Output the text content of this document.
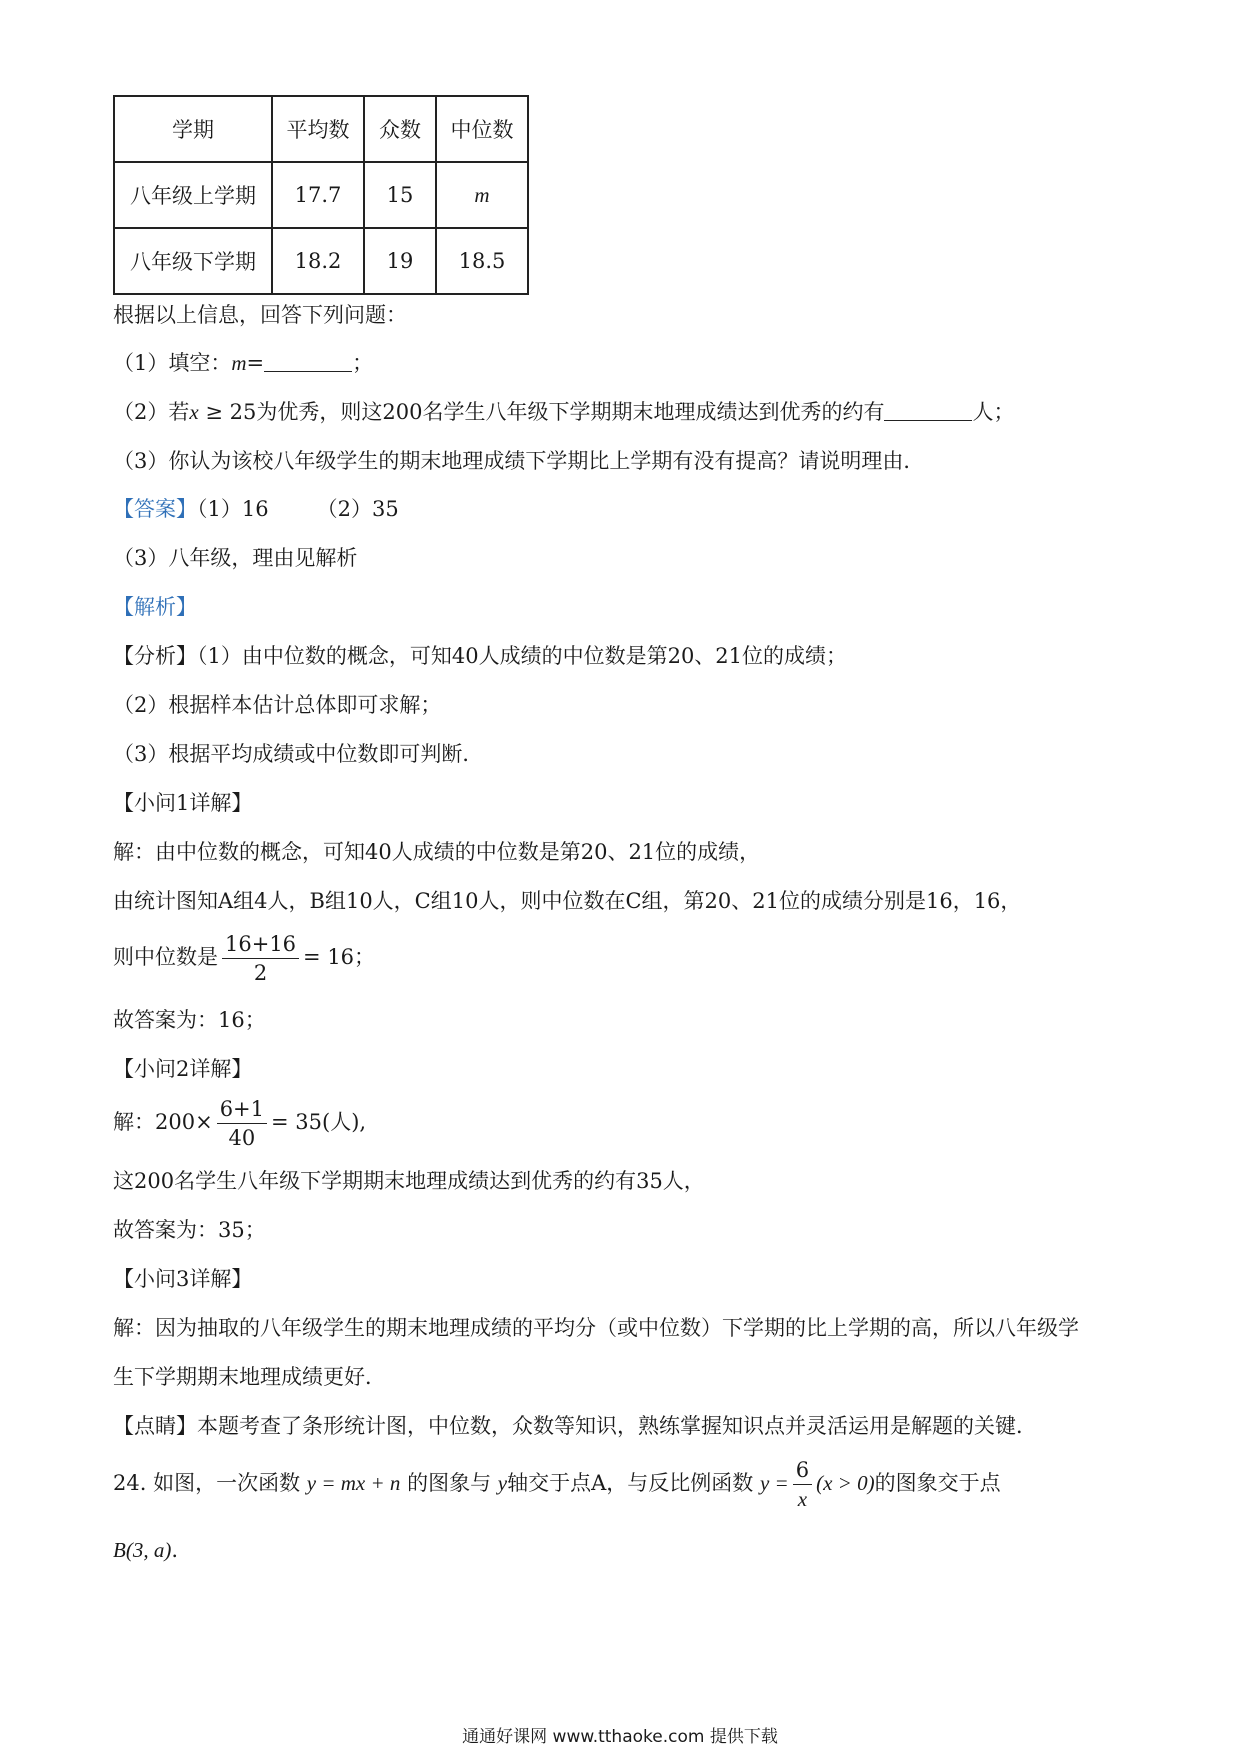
学期	平均数	众数	中位数
八年级上学期	17.7	15	m
八年级下学期	18.2	19	18.5
根据以上信息，回答下列问题：
（1）填空：m=	；
（2）若x ≥ 25为优秀，则这200名学生八年级下学期期末地理成绩达到优秀的约有	人；
（3）你认为该校八年级学生的期末地理成绩下学期比上学期有没有提高？请说明理由．
【答案】（1）16 （2）35
（3）八年级，理由见解析
【解析】
【分析】（1）由中位数的概念，可知40人成绩的中位数是第20、21位的成绩；
（2）根据样本估计总体即可求解；
（3）根据平均成绩或中位数即可判断．
【小问1详解】
解：由中位数的概念，可知40人成绩的中位数是第20、21位的成绩，
由统计图知A组4人，B组10人，C组10人，则中位数在C组，第20、21位的成绩分别是16，16，
则中位数是 $\frac{16+16}{2} = 16$；
故答案为：16；
【小问2详解】
解：$200\times \frac{6+1}{40} = 35$(人),
这200名学生八年级下学期期末地理成绩达到优秀的约有35人，
故答案为：35；
【小问3详解】
解：因为抽取的八年级学生的期末地理成绩的平均分（或中位数）下学期的比上学期的高，所以八年级学
生下学期期末地理成绩更好．
【点睛】本题考查了条形统计图，中位数，众数等知识，熟练掌握知识点并灵活运用是解题的关键．
24. 如图，一次函数 y = mx + n 的图象与 y轴交于点A，与反比例函数 $y = \frac{6}{x} (x > 0)$的图象交于点
B(3, a).
通通好课网 www.tthaoke.com 提供下载
